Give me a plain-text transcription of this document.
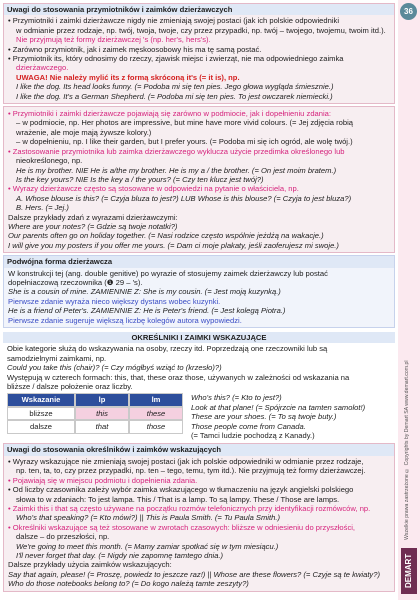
Uwagi do stosowania przymiotników i zaimków dzierżawczych
• Przymiotniki i zaimki dzierżawcze nigdy nie zmieniają swojej postaci (jak ich polskie odpowiedniki
w odmianie przez rodzaje, np. twój, twoja, twoje, czy przez przypadki, np. twój – twojego, twojemu, twoim itd.).
Nie przyjmują też formy dzierżawczej 's (np. her's, hers's).
• Zarówno przymiotnik, jak i zaimek męskoosobowy his ma tę samą postać.
• Przymiotnik its, który odnosimy do rzeczy, zjawisk miejsc i zwierząt, nie ma odpowiedniego zaimka
dzierżawczego.
UWAGA! Nie należy mylić its z formą skróconą it's (= it is), np.
I like the dog. Its head looks funny. (= Podoba mi się ten pies. Jego głowa wygląda śmiesznie.)
I like the dog. It's a German Shepherd. (= Podoba mi się ten pies. To jest owczarek niemiecki.)
• Przymiotniki i zaimki dzierżawcze pojawiają się zarówno w podmiocie, jak i dopełnieniu zdania:
– w podmiocie, np. Her photos are impressive, but mine have more vivid colours. (= Jej zdjęcia robią
wrażenie, ale moje mają żywsze kolory.)
– w dopełnieniu, np. I like their garden, but I prefer yours. (= Podoba mi się ich ogród, ale wolę twój.)
• Zastosowanie przymiotnika lub zaimka dzierżawczego wyklucza użycie przedimka określonego lub
nieokreślonego, np.
He is my brother. NIE He is a/the my brother. He is my a / the brother. (= On jest moim bratem.)
Is the key yours? NIE Is the key a / the yours? (= Czy ten klucz jest twój?)
• Wyrazy dzierżawcze często są stosowane w odpowiedzi na pytanie o właściciela, np.
A. Whose blouse is this? (= Czyja bluza to jest?) LUB Whose is this blouse? (= Czyja to jest bluza?)
B. Hers. (= Jej.)
Dalsze przykłady zdań z wyrazami dzierżawczymi:
Where are your notes? (= Gdzie są twoje notatki?)
Our parents often go on holiday together. (= Nasi rodzice często wspólnie jeżdżą na wakacje.)
I will give you my posters if you offer me yours. (= Dam ci moje plakaty, jeśli zaoferujesz mi swoje.)
Podwójna forma dzierżawcza
W konstrukcji tej (ang. double genitive) po wyrazie of stosujemy zaimek dzierżawczy lub postać
dopełniaczową rzeczownika (❶ 29 – 's).
She is a cousin of mine. ZAMIENNIE Z: She is my cousin. (= Jest moją kuzynką.)
Pierwsze zdanie wyraża nieco większy dystans wobec kuzynki.
He is a friend of Peter's. ZAMIENNIE Z: He is Peter's friend. (= Jest kolegą Piotra.)
Pierwsze zdanie sugeruje większą liczbę kolegów autora wypowiedzi.
OKREŚLNIKI I ZAIMKI WSKAZUJĄCE
Obie kategorie służą do wskazywania na osoby, rzeczy itd. Poprzedzają one rzeczowniki lub są
samodzielnymi zaimkami, np.
Could you take this (chair)? (= Czy mógłbyś wziąć to (krzesło)?)
Występują w czterech formach: this, that, these oraz those, używanych w zależności od wskazania na
bliższe / dalsze położenie oraz liczby.
Wskazanie	lp	lm
bliższe	this	these
dalsze	that	those
Who's this? (= Kto to jest?)
Look at that plane! (= Spójrzcie na tamten samolot!)
These are your shoes. (= To są twoje buty.)
Those people come from Canada.
(= Tamci ludzie pochodzą z Kanady.)
Uwagi do stosowania określników i zaimków wskazujących
• Wyrazy wskazujące nie zmieniają swojej postaci (jak ich polskie odpowiedniki w odmianie przez rodzaje,
np. ten, ta, to, czy przez przypadki, np. ten – tego, temu, tym itd.). Nie przyjmują też formy dzierżawczej.
• Pojawiają się w miejscu podmiotu i dopełnienia zdania.
• Od liczby czasownika zależy wybór zaimka wskazującego w tłumaczeniu na język angielski polskiego
słowa to w zdaniach: To jest lampa. This / That is a lamp. To są lampy. These / Those are lamps.
• Zaimki this i that są często używane na początku rozmów telefonicznych przy identyfikacji rozmówców, np.
Who's that speaking? (= Kto mówi?) || This is Paula Smith. (= Tu Paula Smith.)
• Określniki wskazujące są też stosowane w zwrotach czasowych: bliższe w odniesieniu do przyszłości,
dalsze – do przeszłości, np.
We're going to meet this month. (= Mamy zamiar spotkać się w tym miesiącu.)
I'll never forget that day. (= Nigdy nie zapomnę tamtego dnia.)
Dalsze przykłady użycia zaimków wskazujących:
Say that again, please! (= Proszę, powiedz to jeszcze raz!) || Whose are these flowers? (= Czyje są te kwiaty?)
Who do those notebooks belong to? (= Do kogo należą tamte zeszyty?)
36
Wszelkie prawa zastrzeżone © Copyrights by Demart SA www.demart.com.pl
DEMART
